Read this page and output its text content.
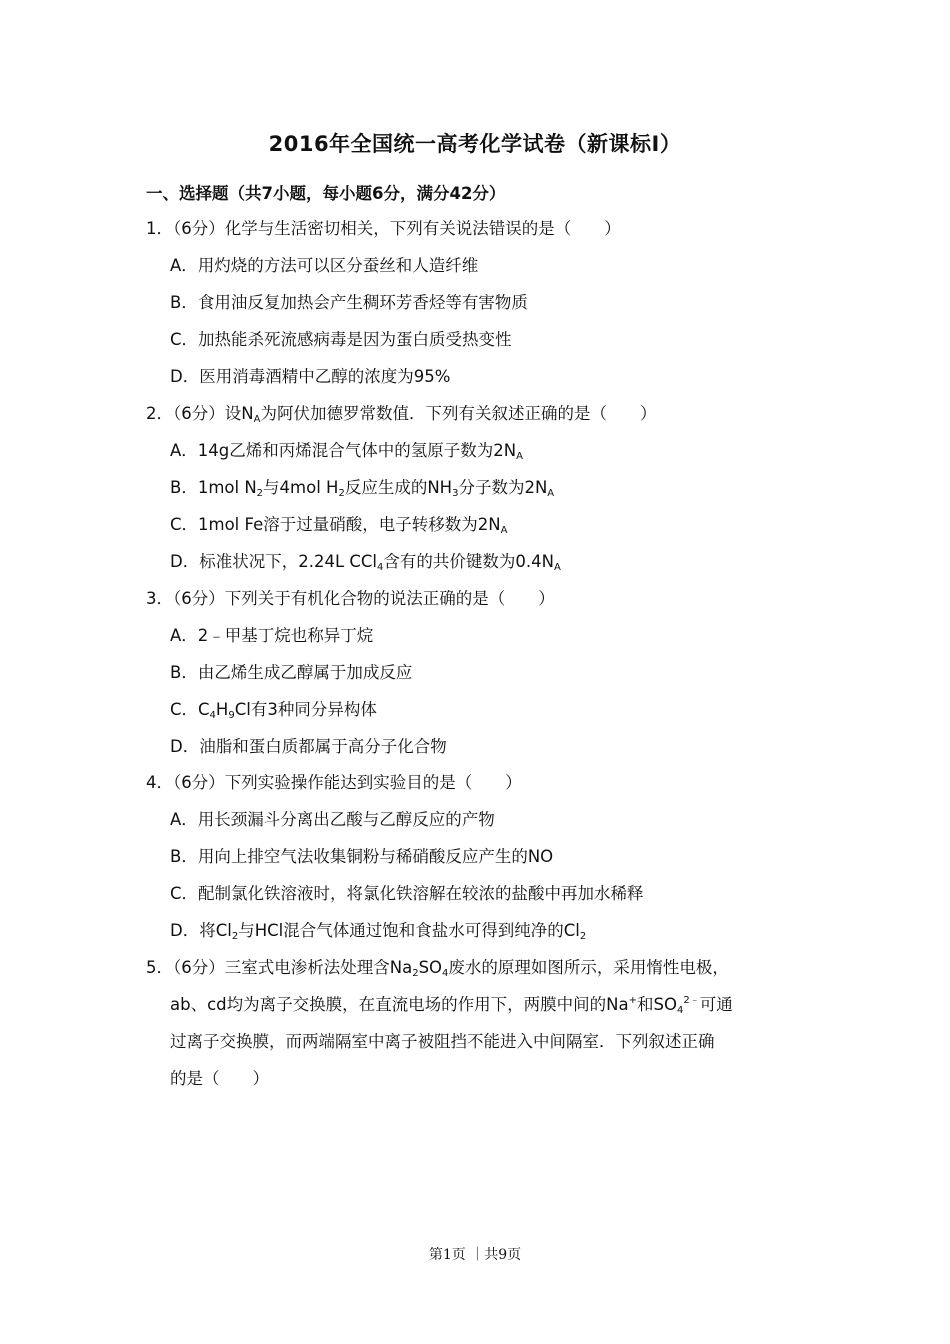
2016年全国统一高考化学试卷（新课标Ⅰ）
一、选择题（共7小题，每小题6分，满分42分）
1．（6分）化学与生活密切相关，下列有关说法错误的是（　　）
A．用灼烧的方法可以区分蚕丝和人造纤维
B．食用油反复加热会产生稠环芳香烃等有害物质
C．加热能杀死流感病毒是因为蛋白质受热变性
D．医用消毒酒精中乙醇的浓度为95%
2．（6分）设$N_A$为阿伏加德罗常数值．下列有关叙述正确的是（　　）
A．14g乙烯和丙烯混合气体中的氢原子数为$2N_A$
B．1mol $N_2$与4mol $H_2$反应生成的$NH_3$分子数为$2N_A$
C．1mol Fe溶于过量硝酸，电子转移数为$2N_A$
D．标准状况下，2.24L CCl$_4$含有的共价键数为$0.4N_A$
3．（6分）下列关于有机化合物的说法正确的是（　　）
A．2﹣甲基丁烷也称异丁烷
B．由乙烯生成乙醇属于加成反应
C．$C_4H_9Cl$有3种同分异构体
D．油脂和蛋白质都属于高分子化合物
4．（6分）下列实验操作能达到实验目的是（　　）
A．用长颈漏斗分离出乙酸与乙醇反应的产物
B．用向上排空气法收集铜粉与稀硝酸反应产生的NO
C．配制氯化铁溶液时，将氯化铁溶解在较浓的盐酸中再加水稀释
D．将$Cl_2$与HCl混合气体通过饱和食盐水可得到纯净的$Cl_2$
5．（6分）三室式电渗析法处理含$Na_2SO_4$废水的原理如图所示，采用惰性电极，
ab、cd均为离子交换膜，在直流电场的作用下，两膜中间的Na+和$SO_4^{2﹣}$可通
过离子交换膜，而两端隔室中离子被阻挡不能进入中间隔室．下列叙述正确
的是（　　）
第1页 ｜共9页
